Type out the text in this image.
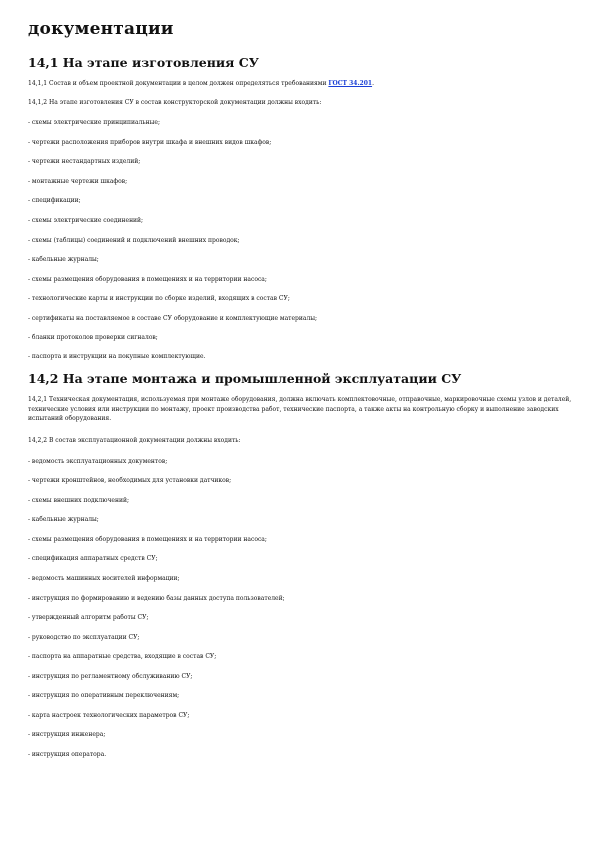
документации
14,1 На этапе изготовления СУ
14,1,1 Состав и объем проектной документации в целом должен определяться требованиями ГОСТ 34.201.
14,1,2 На этапе изготовления СУ в состав конструкторской документации должны входить:
- схемы электрические принципиальные;
- чертежи расположения приборов внутри шкафа и внешних видов шкафов;
- чертежи нестандартных изделий;
- монтажные чертежи шкафов;
- спецификации;
- схемы электрические соединений;
- схемы (таблицы) соединений и подключений внешних проводок;
- кабельные журналы;
- схемы размещения оборудования в помещениях и на территории насоса;
- технологические карты и инструкции по сборке изделий, входящих в состав СУ;
- сертификаты на поставляемое в составе СУ оборудование и комплектующие материалы;
- бланки протоколов проверки сигналов;
- паспорта и инструкции на покупные комплектующие.
14,2 На этапе монтажа и промышленной эксплуатации СУ
14,2,1 Техническая документация, используемая при монтаже оборудования, должна включать комплектовочные, отправочные, маркировочные схемы узлов и деталей, технические условия или инструкции по монтажу, проект производства работ, технические паспорта, а также акты на контрольную сборку и выполнение заводских испытаний оборудования.
14,2,2 В состав эксплуатационной документации должны входить:
- ведомость эксплуатационных документов;
- чертежи кронштейнов, необходимых для установки датчиков;
- схемы внешних подключений;
- кабельные журналы;
- схемы размещения оборудования в помещениях и на территории насоса;
- спецификация аппаратных средств СУ;
- ведомость машинных носителей информации;
- инструкция по формированию и ведению базы данных доступа пользователей;
- утвержденный алгоритм работы СУ;
- руководство по эксплуатации СУ;
- паспорта на аппаратные средства, входящие в состав СУ;
- инструкция по регламентному обслуживанию СУ;
- инструкция по оперативным переключениям;
- карта настроек технологических параметров СУ;
- инструкция инженера;
- инструкция оператора.
